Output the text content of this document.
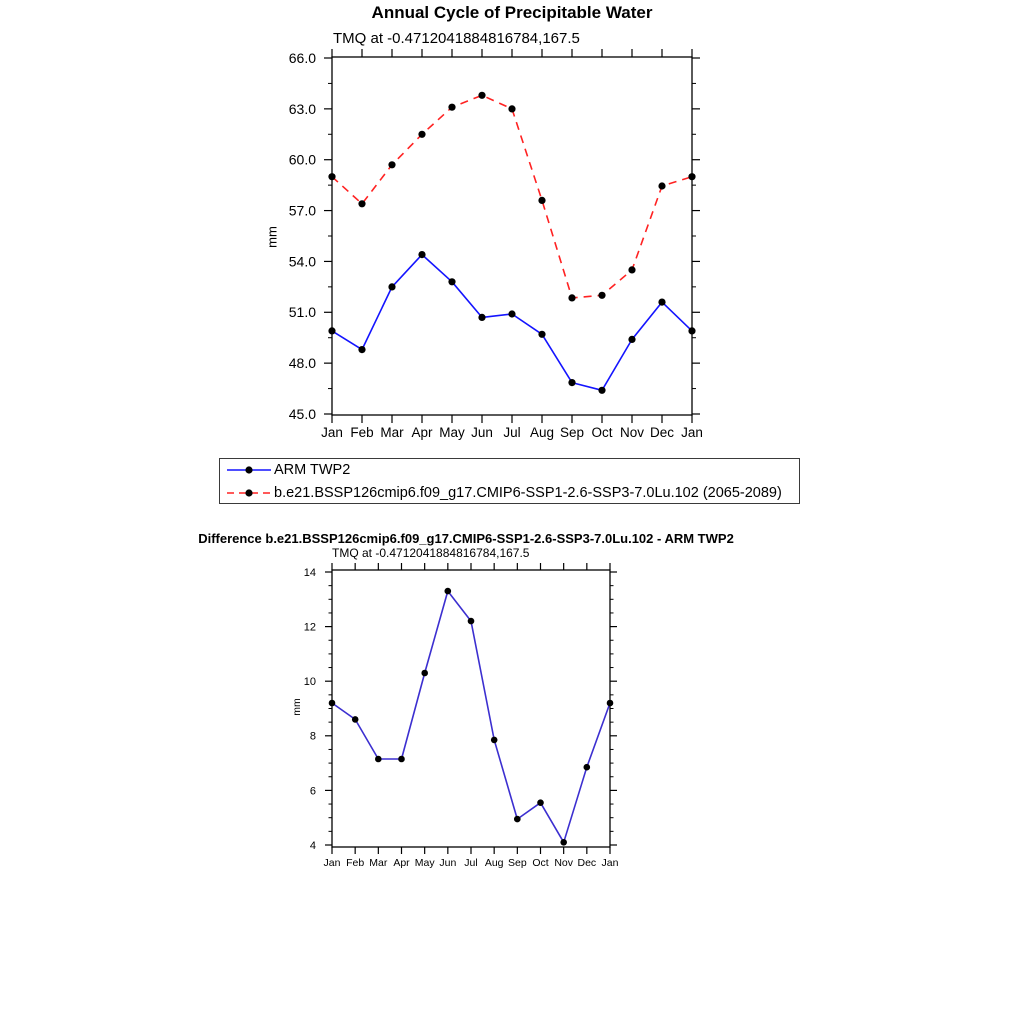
Annual Cycle of Precipitable Water
TMQ at -0.4712041884816784,167.5
mm
Jan Feb Mar Apr May Jun Jul Aug Sep Oct Nov Dec Jan
45.0
48.0
51.0
54.0
57.0
60.0
63.0
66.0
Jan Feb Mar Apr May Jun Jul Aug Sep Oct Nov Dec Jan
4
6
8
10
12
14
ARM TWP2
b.e21.BSSP126cmip6.f09_g17.CMIP6-SSP1-2.6-SSP3-7.0Lu.102 (2065-2089)
Difference b.e21.BSSP126cmip6.f09_g17.CMIP6-SSP1-2.6-SSP3-7.0Lu.102 - ARM TWP2
TMQ at -0.4712041884816784,167.5
mm
